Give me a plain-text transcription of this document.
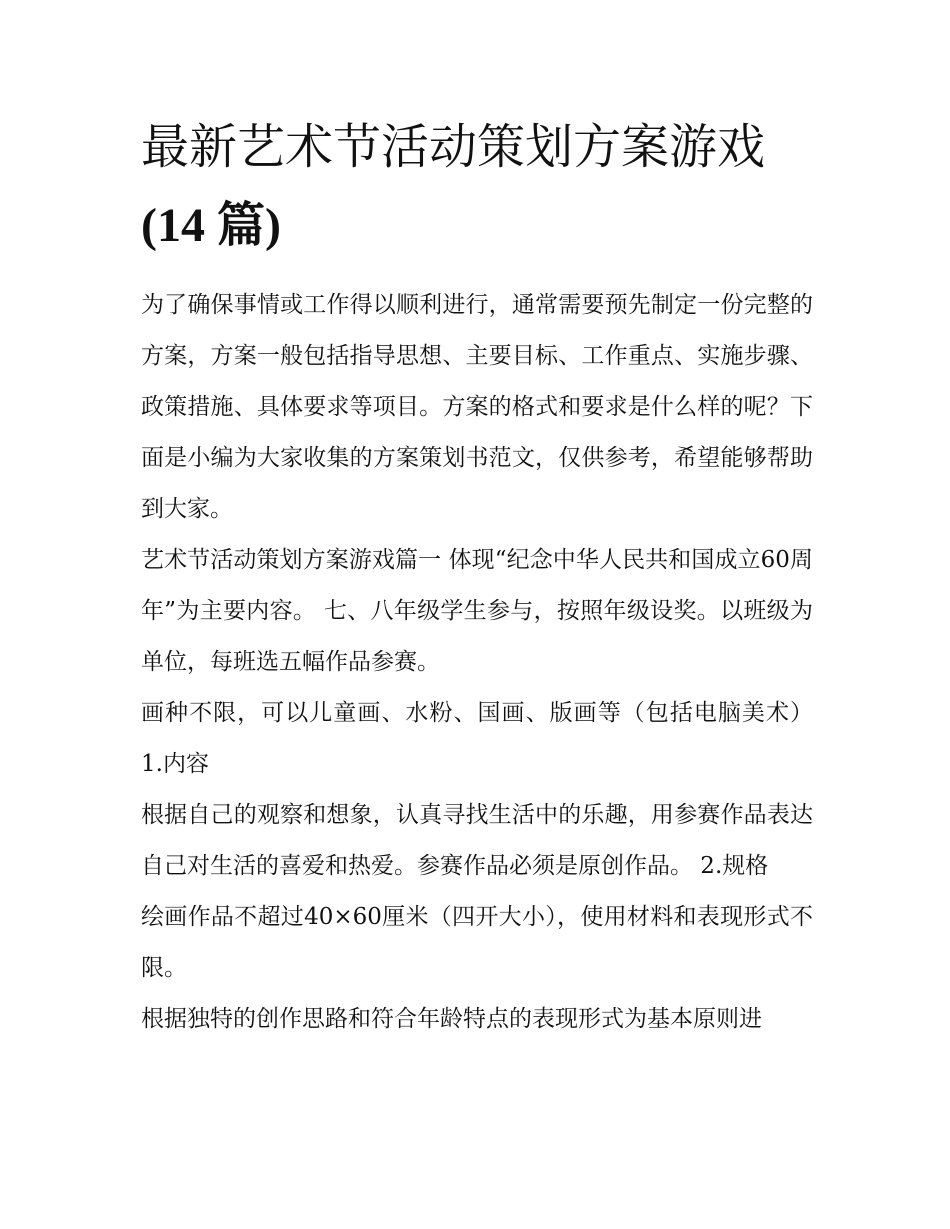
最新艺术节活动策划方案游戏
(14 篇)

为了确保事情或工作得以顺利进行，通常需要预先制定一份完整的方案，方案一般包括指导思想、主要目标、工作重点、实施步骤、政策措施、具体要求等项目。方案的格式和要求是什么样的呢？下面是小编为大家收集的方案策划书范文，仅供参考，希望能够帮助到大家。

艺术节活动策划方案游戏篇一 体现“纪念中华人民共和国成立60周年”为主要内容。 七、八年级学生参与，按照年级设奖。以班级为单位，每班选五幅作品参赛。

画种不限，可以儿童画、水粉、国画、版画等（包括电脑美术） 1.内容

根据自己的观察和想象，认真寻找生活中的乐趣，用参赛作品表达自己对生活的喜爱和热爱。参赛作品必须是原创作品。 2.规格

绘画作品不超过40×60厘米（四开大小），使用材料和表现形式不限。

根据独特的创作思路和符合年龄特点的表现形式为基本原则进
